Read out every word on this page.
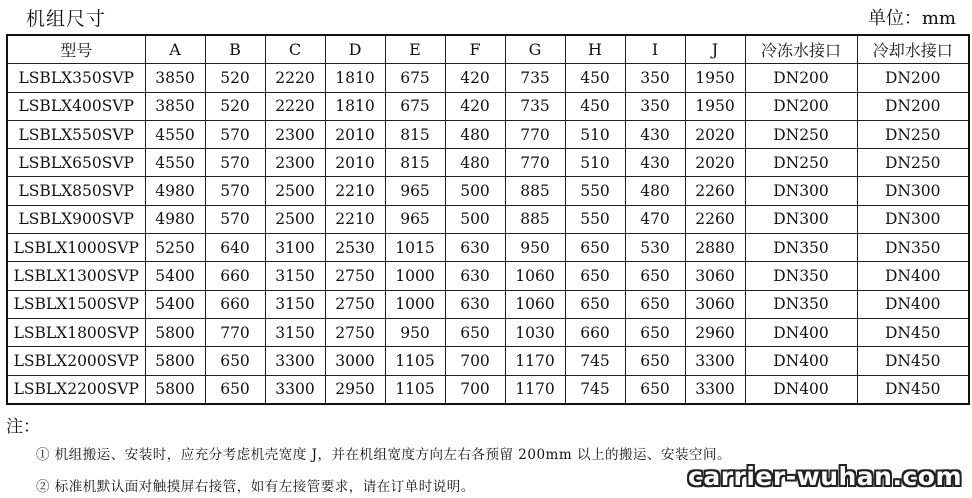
机组尺寸	单位：mm
型号	A	B	C	D	E	F	G	H	I	J	冷冻水接口	冷却水接口
LSBLX350SVP	3850	520	2220	1810	675	420	735	450	350	1950	DN200	DN200
LSBLX400SVP	3850	520	2220	1810	675	420	735	450	350	1950	DN200	DN200
LSBLX550SVP	4550	570	2300	2010	815	480	770	510	430	2020	DN250	DN250
LSBLX650SVP	4550	570	2300	2010	815	480	770	510	430	2020	DN250	DN250
LSBLX850SVP	4980	570	2500	2210	965	500	885	550	480	2260	DN300	DN300
LSBLX900SVP	4980	570	2500	2210	965	500	885	550	470	2260	DN300	DN300
LSBLX1000SVP	5250	640	3100	2530	1015	630	950	650	530	2880	DN350	DN350
LSBLX1300SVP	5400	660	3150	2750	1000	630	1060	650	650	3060	DN350	DN400
LSBLX1500SVP	5400	660	3150	2750	1000	630	1060	650	650	3060	DN350	DN400
LSBLX1800SVP	5800	770	3150	2750	950	650	1030	660	650	2960	DN400	DN450
LSBLX2000SVP	5800	650	3300	3000	1105	700	1170	745	650	3300	DN400	DN450
LSBLX2200SVP	5800	650	3300	2950	1105	700	1170	745	650	3300	DN400	DN450
注：
① 机组搬运、安装时，应充分考虑机壳宽度 J，并在机组宽度方向左右各预留 200mm 以上的搬运、安装空间。
② 标准机默认面对触摸屏右接管，如有左接管要求，请在订单时说明。	carrier-wuhan.com
